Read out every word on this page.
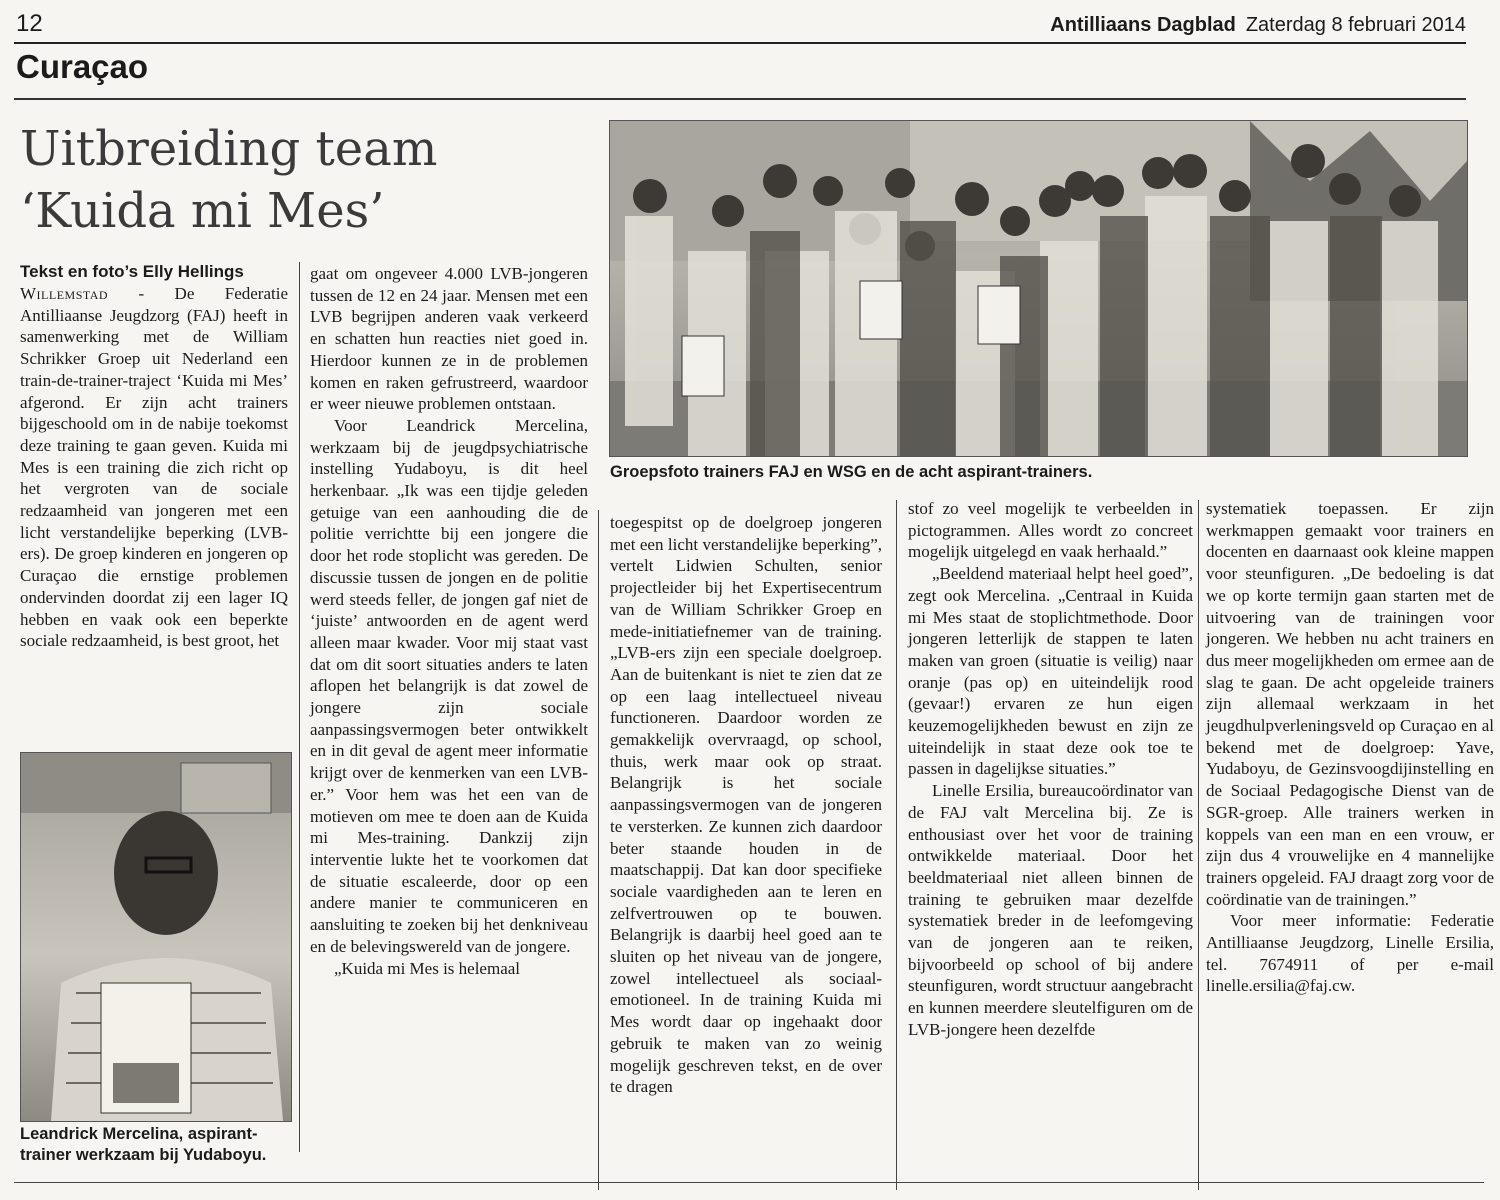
12	Antilliaans Dagblad Zaterdag 8 februari 2014
Curaçao
Uitbreiding team
‘Kuida mi Mes’
Tekst en foto’s Elly Hellings
Groepsfoto trainers FAJ en WSG en de acht aspirant-trainers.

Willemstad - De Federatie Antilliaanse Jeugdzorg (FAJ) heeft in samenwerking met de William Schrikker Groep uit Nederland een train-de-trainer-traject ‘Kuida mi Mes’ afgerond. Er zijn acht trainers bijgeschoold om in de nabije toekomst deze training te gaan geven. Kuida mi Mes is een training die zich richt op het vergroten van de sociale redzaamheid van jongeren met een licht verstandelijke beperking (LVB-ers). De groep kinderen en jongeren op Curaçao die ernstige problemen ondervinden doordat zij een lager IQ hebben en vaak ook een beperkte sociale redzaamheid, is best groot, het

Leandrick Mercelina, aspirant-trainer werkzaam bij Yudaboyu.

gaat om ongeveer 4.000 LVB-jongeren tussen de 12 en 24 jaar. Mensen met een LVB begrijpen anderen vaak verkeerd en schatten hun reacties niet goed in. Hierdoor kunnen ze in de problemen komen en raken gefrustreerd, waardoor er weer nieuwe problemen ontstaan.

Voor Leandrick Mercelina, werkzaam bij de jeugdpsychiatrische instelling Yudaboyu, is dit heel herkenbaar. „Ik was een tijdje geleden getuige van een aanhouding die de politie verrichtte bij een jongere die door het rode stoplicht was gereden. De discussie tussen de jongen en de politie werd steeds feller, de jongen gaf niet de ‘juiste’ antwoorden en de agent werd alleen maar kwader. Voor mij staat vast dat om dit soort situaties anders te laten aflopen het belangrijk is dat zowel de jongere zijn sociale aanpassingsvermogen beter ontwikkelt en in dit geval de agent meer informatie krijgt over de kenmerken van een LVB-er.” Voor hem was het een van de motieven om mee te doen aan de Kuida mi Mes-training. Dankzij zijn interventie lukte het te voorkomen dat de situatie escaleerde, door op een andere manier te communiceren en aansluiting te zoeken bij het denkniveau en de belevingswereld van de jongere.

„Kuida mi Mes is helemaal

toegespitst op de doelgroep jongeren met een licht verstandelijke beperking”, vertelt Lidwien Schulten, senior projectleider bij het Expertisecentrum van de William Schrikker Groep en mede-initiatiefnemer van de training. „LVB-ers zijn een speciale doelgroep. Aan de buitenkant is niet te zien dat ze op een laag intellectueel niveau functioneren. Daardoor worden ze gemakkelijk overvraagd, op school, thuis, werk maar ook op straat. Belangrijk is het sociale aanpassingsvermogen van de jongeren te versterken. Ze kunnen zich daardoor beter staande houden in de maatschappij. Dat kan door specifieke sociale vaardigheden aan te leren en zelfvertrouwen op te bouwen. Belangrijk is daarbij heel goed aan te sluiten op het niveau van de jongere, zowel intellectueel als sociaal-emotioneel. In de training Kuida mi Mes wordt daar op ingehaakt door gebruik te maken van zo weinig mogelijk geschreven tekst, en de over te dragen

stof zo veel mogelijk te verbeelden in pictogrammen. Alles wordt zo concreet mogelijk uitgelegd en vaak herhaald.”

„Beeldend materiaal helpt heel goed”, zegt ook Mercelina. „Centraal in Kuida mi Mes staat de stoplichtmethode. Door jongeren letterlijk de stappen te laten maken van groen (situatie is veilig) naar oranje (pas op) en uiteindelijk rood (gevaar!) ervaren ze hun eigen keuzemogelijkheden bewust en zijn ze uiteindelijk in staat deze ook toe te passen in dagelijkse situaties.”

Linelle Ersilia, bureaucoördinator van de FAJ valt Mercelina bij. Ze is enthousiast over het voor de training ontwikkelde materiaal. Door het beeldmateriaal niet alleen binnen de training te gebruiken maar dezelfde systematiek breder in de leefomgeving van de jongeren aan te reiken, bijvoorbeeld op school of bij andere steunfiguren, wordt structuur aangebracht en kunnen meerdere sleutelfiguren om de LVB-jongere heen dezelfde

systematiek toepassen. Er zijn werkmappen gemaakt voor trainers en docenten en daarnaast ook kleine mappen voor steunfiguren. „De bedoeling is dat we op korte termijn gaan starten met de uitvoering van de trainingen voor jongeren. We hebben nu acht trainers en dus meer mogelijkheden om ermee aan de slag te gaan. De acht opgeleide trainers zijn allemaal werkzaam in het jeugdhulpverleningsveld op Curaçao en al bekend met de doelgroep: Yave, Yudaboyu, de Gezinsvoogdijinstelling en de Sociaal Pedagogische Dienst van de SGR-groep. Alle trainers werken in koppels van een man en een vrouw, er zijn dus 4 vrouwelijke en 4 mannelijke trainers opgeleid. FAJ draagt zorg voor de coördinatie van de trainingen.”

Voor meer informatie: Federatie Antilliaanse Jeugdzorg, Linelle Ersilia, tel. 7674911 of per e-mail linelle.ersilia@faj.cw.
